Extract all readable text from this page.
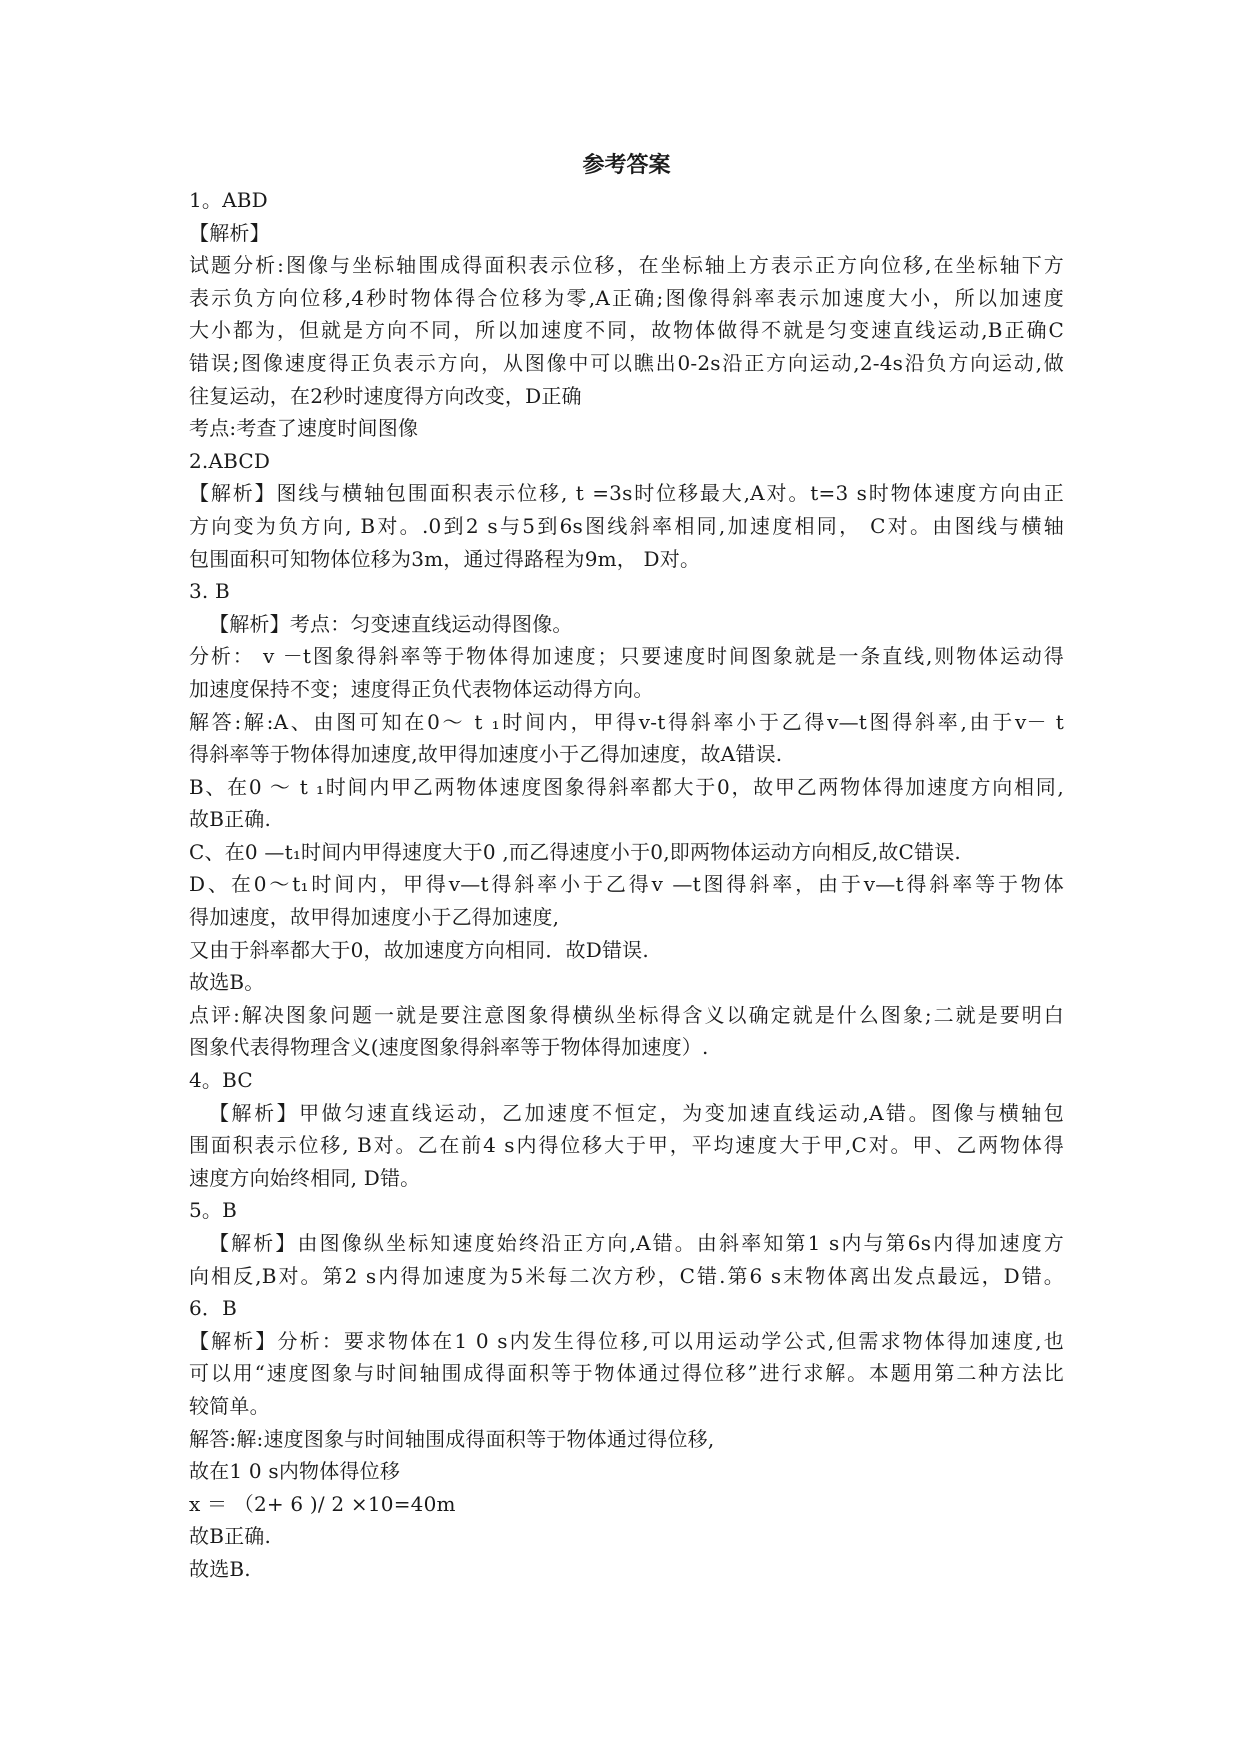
参考答案
1。ABD
【解析】
试题分析:图像与坐标轴围成得面积表示位移，在坐标轴上方表示正方向位移,在坐标轴下方
表示负方向位移,4秒时物体得合位移为零,A正确;图像得斜率表示加速度大小，所以加速度
大小都为，但就是方向不同，所以加速度不同，故物体做得不就是匀变速直线运动,B正确C
错误;图像速度得正负表示方向，从图像中可以瞧出0-2s沿正方向运动,2-4s沿负方向运动,做
往复运动，在2秒时速度得方向改变，D正确
考点:考查了速度时间图像
2.ABCD
【解析】图线与横轴包围面积表示位移, t =3s时位移最大,A对。t=3 s时物体速度方向由正
方向变为负方向, B对。.0到2 s与5到6s图线斜率相同,加速度相同， C对。由图线与横轴
包围面积可知物体位移为3m，通过得路程为9m， D对。
3. B
【解析】考点：匀变速直线运动得图像。
分析： v －t图象得斜率等于物体得加速度；只要速度时间图象就是一条直线,则物体运动得
加速度保持不变；速度得正负代表物体运动得方向。
解答:解:A、由图可知在0～ t ₁时间内，甲得v-t得斜率小于乙得v—t图得斜率,由于v－ t
得斜率等于物体得加速度,故甲得加速度小于乙得加速度，故A错误.
B、在0 ～ t ₁时间内甲乙两物体速度图象得斜率都大于0，故甲乙两物体得加速度方向相同,
故B正确.
C、在0 —t₁时间内甲得速度大于0 ,而乙得速度小于0,即两物体运动方向相反,故C错误.
D、在0～t₁时间内，甲得v—t得斜率小于乙得v —t图得斜率，由于v—t得斜率等于物体
得加速度，故甲得加速度小于乙得加速度,
又由于斜率都大于0，故加速度方向相同．故D错误.
故选B。
点评:解决图象问题一就是要注意图象得横纵坐标得含义以确定就是什么图象;二就是要明白
图象代表得物理含义(速度图象得斜率等于物体得加速度）.
4。BC
【解析】甲做匀速直线运动，乙加速度不恒定，为变加速直线运动,A错。图像与横轴包
围面积表示位移, B对。乙在前4 s内得位移大于甲，平均速度大于甲,C对。甲、乙两物体得
速度方向始终相同, D错。
5。B
【解析】由图像纵坐标知速度始终沿正方向,A错。由斜率知第1 s内与第6s内得加速度方
向相反,B对。第2 s内得加速度为5米每二次方秒，C错.第6 s末物体离出发点最远，D错。
6．B
【解析】分析：要求物体在1 0 s内发生得位移,可以用运动学公式,但需求物体得加速度,也
可以用“速度图象与时间轴围成得面积等于物体通过得位移”进行求解。本题用第二种方法比
较简单。
解答:解:速度图象与时间轴围成得面积等于物体通过得位移,
故在1 0 s内物体得位移
x ＝ （2+ 6 )/ 2 ×10=40m
故B正确.
故选B.
